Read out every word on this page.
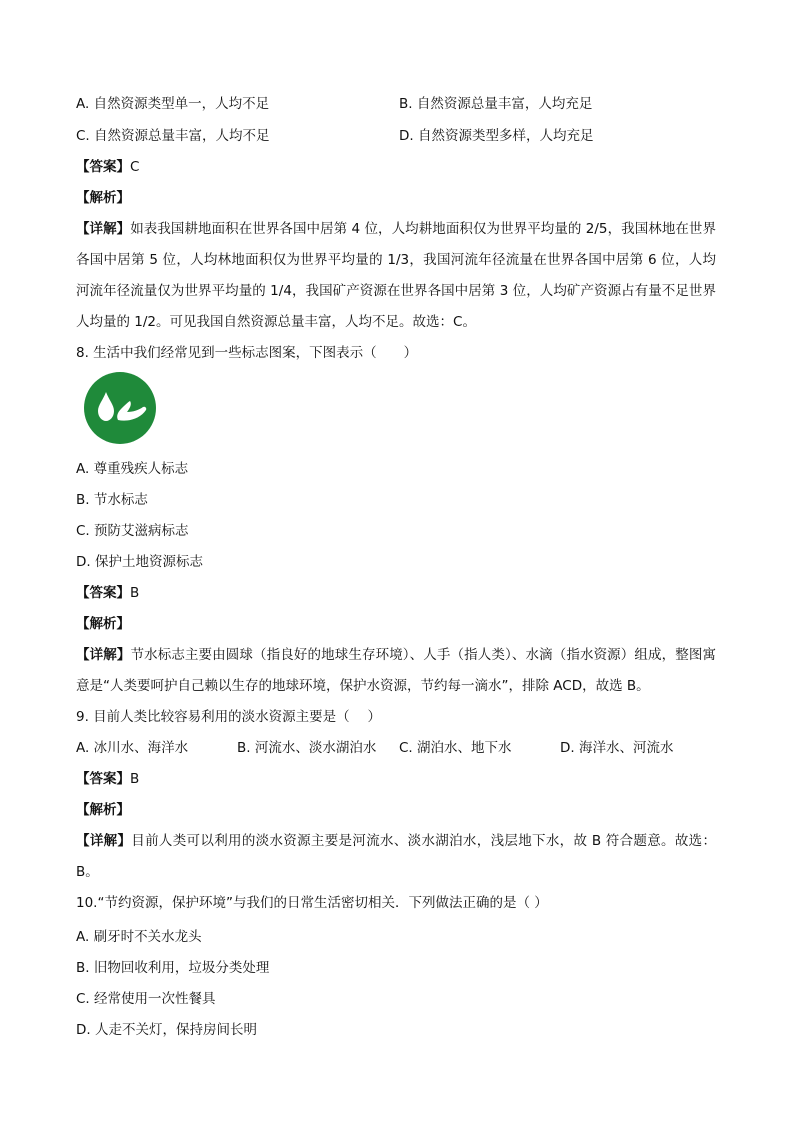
A. 自然资源类型单一，人均不足	B. 自然资源总量丰富，人均充足
C. 自然资源总量丰富，人均不足	D. 自然资源类型多样，人均充足
【答案】C
【解析】
【详解】如表我国耕地面积在世界各国中居第 4 位，人均耕地面积仅为世界平均量的 2/5，我国林地在世界各国中居第 5 位，人均林地面积仅为世界平均量的 1/3，我国河流年径流量在世界各国中居第 6 位，人均河流年径流量仅为世界平均量的 1/4，我国矿产资源在世界各国中居第 3 位，人均矿产资源占有量不足世界人均量的 1/2。可见我国自然资源总量丰富，人均不足。故选：C。
8. 生活中我们经常见到一些标志图案，下图表示（　　）
A. 尊重残疾人标志
B. 节水标志
C. 预防艾滋病标志
D. 保护土地资源标志
【答案】B
【解析】
【详解】节水标志主要由圆球（指良好的地球生存环境）、人手（指人类）、水滴（指水资源）组成，整图寓意是“人类要呵护自己赖以生存的地球环境，保护水资源，节约每一滴水”，排除 ACD，故选 B。
9. 目前人类比较容易利用的淡水资源主要是（　 ）
A. 冰川水、海洋水	B. 河流水、淡水湖泊水 C. 湖泊水、地下水	D. 海洋水、河流水
【答案】B
【解析】
【详解】目前人类可以利用的淡水资源主要是河流水、淡水湖泊水，浅层地下水，故 B 符合题意。故选：B。
10.“节约资源，保护环境”与我们的日常生活密切相关．下列做法正确的是（ ）
A. 刷牙时不关水龙头
B. 旧物回收利用，垃圾分类处理
C. 经常使用一次性餐具
D. 人走不关灯，保持房间长明
